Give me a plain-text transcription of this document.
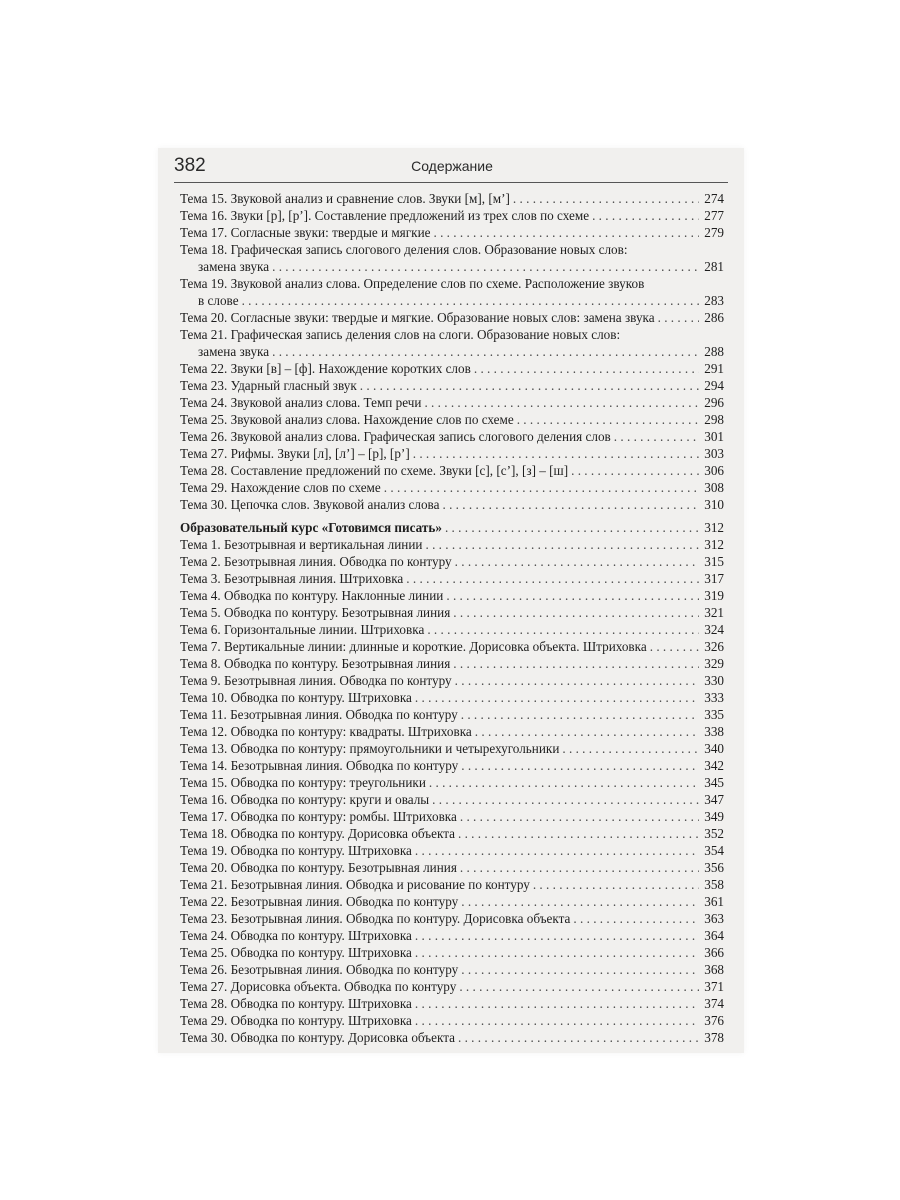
382	Содержание
Тема 15. Звуковой анализ и сравнение слов. Звуки [м], [м’] . . .	274
Тема 16. Звуки [р], [р’]. Составление предложений из трех слов по схеме . . .	277
Тема 17. Согласные звуки: твердые и мягкие . . .	279
Тема 18. Графическая запись слогового деления слов. Образование новых слов:
замена звука . . .	281
Тема 19. Звуковой анализ слова. Определение слов по схеме. Расположение звуков
в слове . . .	283
Тема 20. Согласные звуки: твердые и мягкие. Образование новых слов: замена звука . . .	286
Тема 21. Графическая запись деления слов на слоги. Образование новых слов:
замена звука . . .	288
Тема 22. Звуки [в] – [ф]. Нахождение коротких слов . . .	291
Тема 23. Ударный гласный звук . . .	294
Тема 24. Звуковой анализ слова. Темп речи . . .	296
Тема 25. Звуковой анализ слова. Нахождение слов по схеме . . .	298
Тема 26. Звуковой анализ слова. Графическая запись слогового деления слов . . .	301
Тема 27. Рифмы. Звуки [л], [л’] – [р], [р’] . . .	303
Тема 28. Составление предложений по схеме. Звуки [с], [с’], [з] – [ш] . . .	306
Тема 29. Нахождение слов по схеме . . .	308
Тема 30. Цепочка слов. Звуковой анализ слова . . .	310
Образовательный курс «Готовимся писать» . . .	312
Тема 1. Безотрывная и вертикальная линии . . .	312
Тема 2. Безотрывная линия. Обводка по контуру . . .	315
Тема 3. Безотрывная линия. Штриховка . . .	317
Тема 4. Обводка по контуру. Наклонные линии . . .	319
Тема 5. Обводка по контуру. Безотрывная линия . . .	321
Тема 6. Горизонтальные линии. Штриховка . . .	324
Тема 7. Вертикальные линии: длинные и короткие. Дорисовка объекта. Штриховка . . .	326
Тема 8. Обводка по контуру. Безотрывная линия . . .	329
Тема 9. Безотрывная линия. Обводка по контуру . . .	330
Тема 10. Обводка по контуру. Штриховка . . .	333
Тема 11. Безотрывная линия. Обводка по контуру . . .	335
Тема 12. Обводка по контуру: квадраты. Штриховка . . .	338
Тема 13. Обводка по контуру: прямоугольники и четырехугольники . . .	340
Тема 14. Безотрывная линия. Обводка по контуру . . .	342
Тема 15. Обводка по контуру: треугольники . . .	345
Тема 16. Обводка по контуру: круги и овалы . . .	347
Тема 17. Обводка по контуру: ромбы. Штриховка . . .	349
Тема 18. Обводка по контуру. Дорисовка объекта . . .	352
Тема 19. Обводка по контуру. Штриховка . . .	354
Тема 20. Обводка по контуру. Безотрывная линия . . .	356
Тема 21. Безотрывная линия. Обводка и рисование по контуру . . .	358
Тема 22. Безотрывная линия. Обводка по контуру . . .	361
Тема 23. Безотрывная линия. Обводка по контуру. Дорисовка объекта . . .	363
Тема 24. Обводка по контуру. Штриховка . . .	364
Тема 25. Обводка по контуру. Штриховка . . .	366
Тема 26. Безотрывная линия. Обводка по контуру . . .	368
Тема 27. Дорисовка объекта. Обводка по контуру . . .	371
Тема 28. Обводка по контуру. Штриховка . . .	374
Тема 29. Обводка по контуру. Штриховка . . .	376
Тема 30. Обводка по контуру. Дорисовка объекта . . .	378
